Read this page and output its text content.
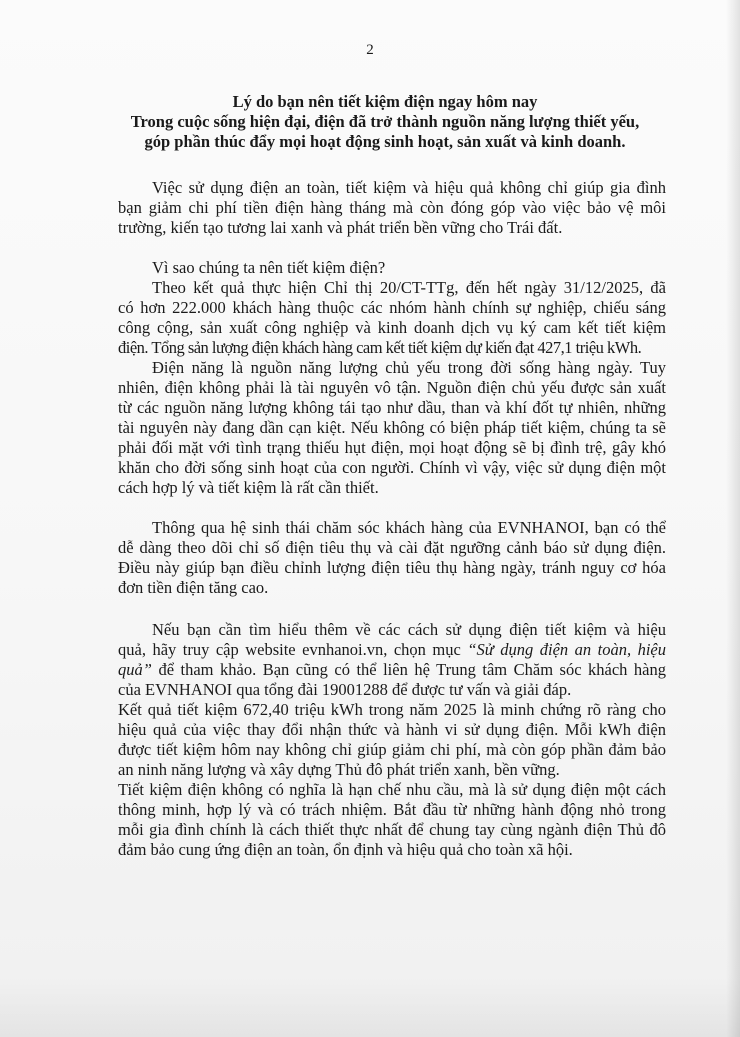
2
Lý do bạn nên tiết kiệm điện ngay hôm nay
Trong cuộc sống hiện đại, điện đã trở thành nguồn năng lượng thiết yếu,
góp phần thúc đẩy mọi hoạt động sinh hoạt, sản xuất và kinh doanh.
Việc sử dụng điện an toàn, tiết kiệm và hiệu quả không chỉ giúp gia đình
bạn giảm chi phí tiền điện hàng tháng mà còn đóng góp vào việc bảo vệ môi
trường, kiến tạo tương lai xanh và phát triển bền vững cho Trái đất.
Vì sao chúng ta nên tiết kiệm điện?
Theo kết quả thực hiện Chỉ thị 20/CT-TTg, đến hết ngày 31/12/2025, đã
có hơn 222.000 khách hàng thuộc các nhóm hành chính sự nghiệp, chiếu sáng
công cộng, sản xuất công nghiệp và kinh doanh dịch vụ ký cam kết tiết kiệm
điện. Tổng sản lượng điện khách hàng cam kết tiết kiệm dự kiến đạt 427,1 triệu kWh.
Điện năng là nguồn năng lượng chủ yếu trong đời sống hàng ngày. Tuy
nhiên, điện không phải là tài nguyên vô tận. Nguồn điện chủ yếu được sản xuất
từ các nguồn năng lượng không tái tạo như dầu, than và khí đốt tự nhiên, những
tài nguyên này đang dần cạn kiệt. Nếu không có biện pháp tiết kiệm, chúng ta sẽ
phải đối mặt với tình trạng thiếu hụt điện, mọi hoạt động sẽ bị đình trệ, gây khó
khăn cho đời sống sinh hoạt của con người. Chính vì vậy, việc sử dụng điện một
cách hợp lý và tiết kiệm là rất cần thiết.
Thông qua hệ sinh thái chăm sóc khách hàng của EVNHANOI, bạn có thể
dễ dàng theo dõi chỉ số điện tiêu thụ và cài đặt ngưỡng cảnh báo sử dụng điện.
Điều này giúp bạn điều chỉnh lượng điện tiêu thụ hàng ngày, tránh nguy cơ hóa
đơn tiền điện tăng cao.
Nếu bạn cần tìm hiểu thêm về các cách sử dụng điện tiết kiệm và hiệu
quả, hãy truy cập website evnhanoi.vn, chọn mục “Sử dụng điện an toàn, hiệu
quả” để tham khảo. Bạn cũng có thể liên hệ Trung tâm Chăm sóc khách hàng
của EVNHANOI qua tổng đài 19001288 để được tư vấn và giải đáp.
Kết quả tiết kiệm 672,40 triệu kWh trong năm 2025 là minh chứng rõ ràng cho
hiệu quả của việc thay đổi nhận thức và hành vi sử dụng điện. Mỗi kWh điện
được tiết kiệm hôm nay không chỉ giúp giảm chi phí, mà còn góp phần đảm bảo
an ninh năng lượng và xây dựng Thủ đô phát triển xanh, bền vững.
Tiết kiệm điện không có nghĩa là hạn chế nhu cầu, mà là sử dụng điện một cách
thông minh, hợp lý và có trách nhiệm. Bắt đầu từ những hành động nhỏ trong
mỗi gia đình chính là cách thiết thực nhất để chung tay cùng ngành điện Thủ đô
đảm bảo cung ứng điện an toàn, ổn định và hiệu quả cho toàn xã hội.
